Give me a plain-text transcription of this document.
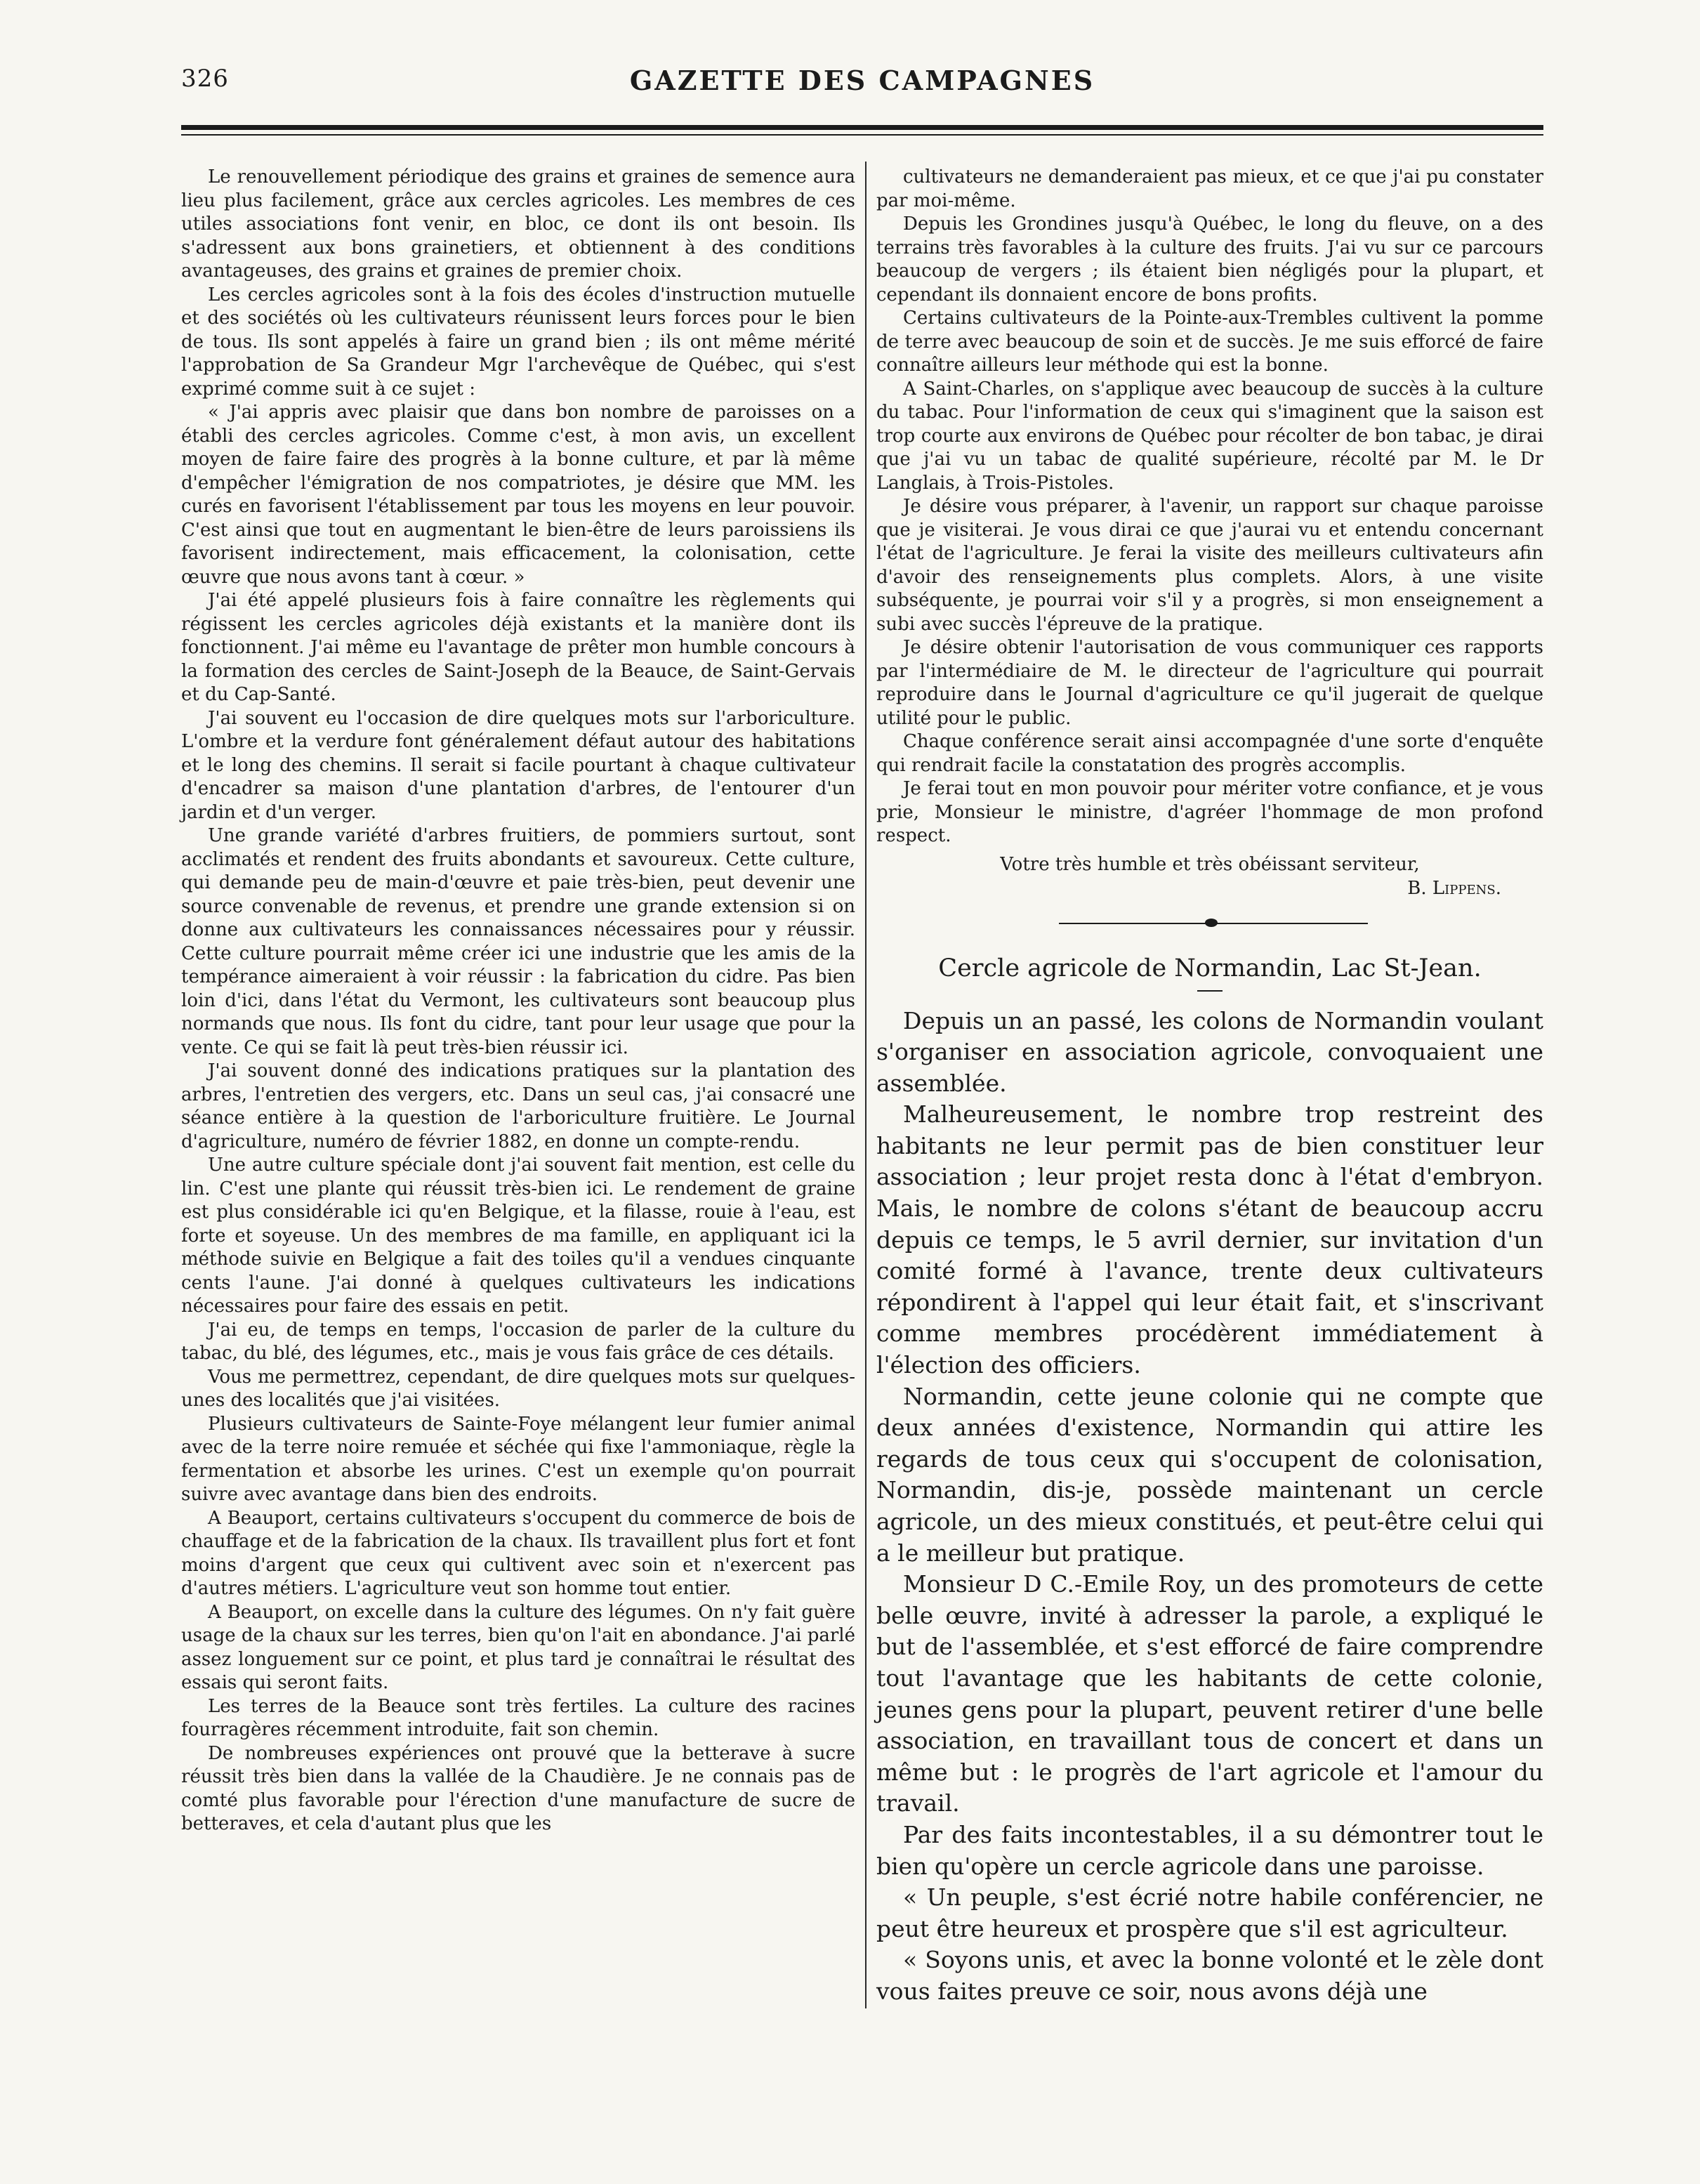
326	GAZETTE DES CAMPAGNES

Le renouvellement périodique des grains et graines de semence aura lieu plus facilement, grâce aux cercles agricoles. Les membres de ces utiles associations font venir, en bloc, ce dont ils ont besoin. Ils s'adressent aux bons grainetiers, et obtiennent à des conditions avantageuses, des grains et graines de premier choix.

Les cercles agricoles sont à la fois des écoles d'instruction mutuelle et des sociétés où les cultivateurs réunissent leurs forces pour le bien de tous. Ils sont appelés à faire un grand bien ; ils ont même mérité l'approbation de Sa Grandeur Mgr l'archevêque de Québec, qui s'est exprimé comme suit à ce sujet :

« J'ai appris avec plaisir que dans bon nombre de paroisses on a établi des cercles agricoles. Comme c'est, à mon avis, un excellent moyen de faire faire des progrès à la bonne culture, et par là même d'empêcher l'émigration de nos compatriotes, je désire que MM. les curés en favorisent l'établissement par tous les moyens en leur pouvoir. C'est ainsi que tout en augmentant le bien-être de leurs paroissiens ils favorisent indirectement, mais efficacement, la colonisation, cette œuvre que nous avons tant à cœur. »

J'ai été appelé plusieurs fois à faire connaître les règlements qui régissent les cercles agricoles déjà existants et la manière dont ils fonctionnent. J'ai même eu l'avantage de prêter mon humble concours à la formation des cercles de Saint-Joseph de la Beauce, de Saint-Gervais et du Cap-Santé.

J'ai souvent eu l'occasion de dire quelques mots sur l'arboriculture. L'ombre et la verdure font généralement défaut autour des habitations et le long des chemins. Il serait si facile pourtant à chaque cultivateur d'encadrer sa maison d'une plantation d'arbres, de l'entourer d'un jardin et d'un verger.

Une grande variété d'arbres fruitiers, de pommiers surtout, sont acclimatés et rendent des fruits abondants et savoureux. Cette culture, qui demande peu de main-d'œuvre et paie très-bien, peut devenir une source convenable de revenus, et prendre une grande extension si on donne aux cultivateurs les connaissances nécessaires pour y réussir. Cette culture pourrait même créer ici une industrie que les amis de la tempérance aimeraient à voir réussir : la fabrication du cidre. Pas bien loin d'ici, dans l'état du Vermont, les cultivateurs sont beaucoup plus normands que nous. Ils font du cidre, tant pour leur usage que pour la vente. Ce qui se fait là peut très-bien réussir ici.

J'ai souvent donné des indications pratiques sur la plantation des arbres, l'entretien des vergers, etc. Dans un seul cas, j'ai consacré une séance entière à la question de l'arboriculture fruitière. Le Journal d'agriculture, numéro de février 1882, en donne un compte-rendu.

Une autre culture spéciale dont j'ai souvent fait mention, est celle du lin. C'est une plante qui réussit très-bien ici. Le rendement de graine est plus considérable ici qu'en Belgique, et la filasse, rouie à l'eau, est forte et soyeuse. Un des membres de ma famille, en appliquant ici la méthode suivie en Belgique a fait des toiles qu'il a vendues cinquante cents l'aune. J'ai donné à quelques cultivateurs les indications nécessaires pour faire des essais en petit.

J'ai eu, de temps en temps, l'occasion de parler de la culture du tabac, du blé, des légumes, etc., mais je vous fais grâce de ces détails.

Vous me permettrez, cependant, de dire quelques mots sur quelques-unes des localités que j'ai visitées.

Plusieurs cultivateurs de Sainte-Foye mélangent leur fumier animal avec de la terre noire remuée et séchée qui fixe l'ammoniaque, règle la fermentation et absorbe les urines. C'est un exemple qu'on pourrait suivre avec avantage dans bien des endroits.

A Beauport, certains cultivateurs s'occupent du commerce de bois de chauffage et de la fabrication de la chaux. Ils travaillent plus fort et font moins d'argent que ceux qui cultivent avec soin et n'exercent pas d'autres métiers. L'agriculture veut son homme tout entier.

A Beauport, on excelle dans la culture des légumes. On n'y fait guère usage de la chaux sur les terres, bien qu'on l'ait en abondance. J'ai parlé assez longuement sur ce point, et plus tard je connaîtrai le résultat des essais qui seront faits.

Les terres de la Beauce sont très fertiles. La culture des racines fourragères récemment introduite, fait son chemin.

De nombreuses expériences ont prouvé que la betterave à sucre réussit très bien dans la vallée de la Chaudière. Je ne connais pas de comté plus favorable pour l'érection d'une manufacture de sucre de betteraves, et cela d'autant plus que les

cultivateurs ne demanderaient pas mieux, et ce que j'ai pu constater par moi-même.

Depuis les Grondines jusqu'à Québec, le long du fleuve, on a des terrains très favorables à la culture des fruits. J'ai vu sur ce parcours beaucoup de vergers ; ils étaient bien négligés pour la plupart, et cependant ils donnaient encore de bons profits.

Certains cultivateurs de la Pointe-aux-Trembles cultivent la pomme de terre avec beaucoup de soin et de succès. Je me suis efforcé de faire connaître ailleurs leur méthode qui est la bonne.

A Saint-Charles, on s'applique avec beaucoup de succès à la culture du tabac. Pour l'information de ceux qui s'imaginent que la saison est trop courte aux environs de Québec pour récolter de bon tabac, je dirai que j'ai vu un tabac de qualité supérieure, récolté par M. le Dr Langlais, à Trois-Pistoles.

Je désire vous préparer, à l'avenir, un rapport sur chaque paroisse que je visiterai. Je vous dirai ce que j'aurai vu et entendu concernant l'état de l'agriculture. Je ferai la visite des meilleurs cultivateurs afin d'avoir des renseignements plus complets. Alors, à une visite subséquente, je pourrai voir s'il y a progrès, si mon enseignement a subi avec succès l'épreuve de la pratique.

Je désire obtenir l'autorisation de vous communiquer ces rapports par l'intermédiaire de M. le directeur de l'agriculture qui pourrait reproduire dans le Journal d'agriculture ce qu'il jugerait de quelque utilité pour le public.

Chaque conférence serait ainsi accompagnée d'une sorte d'enquête qui rendrait facile la constatation des progrès accomplis.

Je ferai tout en mon pouvoir pour mériter votre confiance, et je vous prie, Monsieur le ministre, d'agréer l'hommage de mon profond respect.

Votre très humble et très obéissant serviteur,
B. Lippens.
Cercle agricole de Normandin, Lac St-Jean.

Depuis un an passé, les colons de Normandin voulant s'organiser en association agricole, convoquaient une assemblée.

Malheureusement, le nombre trop restreint des habitants ne leur permit pas de bien constituer leur association ; leur projet resta donc à l'état d'embryon. Mais, le nombre de colons s'étant de beaucoup accru depuis ce temps, le 5 avril dernier, sur invitation d'un comité formé à l'avance, trente deux cultivateurs répondirent à l'appel qui leur était fait, et s'inscrivant comme membres procédèrent immédiatement à l'élection des officiers.

Normandin, cette jeune colonie qui ne compte que deux années d'existence, Normandin qui attire les regards de tous ceux qui s'occupent de colonisation, Normandin, dis-je, possède maintenant un cercle agricole, un des mieux constitués, et peut-être celui qui a le meilleur but pratique.

Monsieur D C.-Emile Roy, un des promoteurs de cette belle œuvre, invité à adresser la parole, a expliqué le but de l'assemblée, et s'est efforcé de faire comprendre tout l'avantage que les habitants de cette colonie, jeunes gens pour la plupart, peuvent retirer d'une belle association, en travaillant tous de concert et dans un même but : le progrès de l'art agricole et l'amour du travail.

Par des faits incontestables, il a su démontrer tout le bien qu'opère un cercle agricole dans une paroisse.

« Un peuple, s'est écrié notre habile conférencier, ne peut être heureux et prospère que s'il est agriculteur.

« Soyons unis, et avec la bonne volonté et le zèle dont vous faites preuve ce soir, nous avons déjà une
